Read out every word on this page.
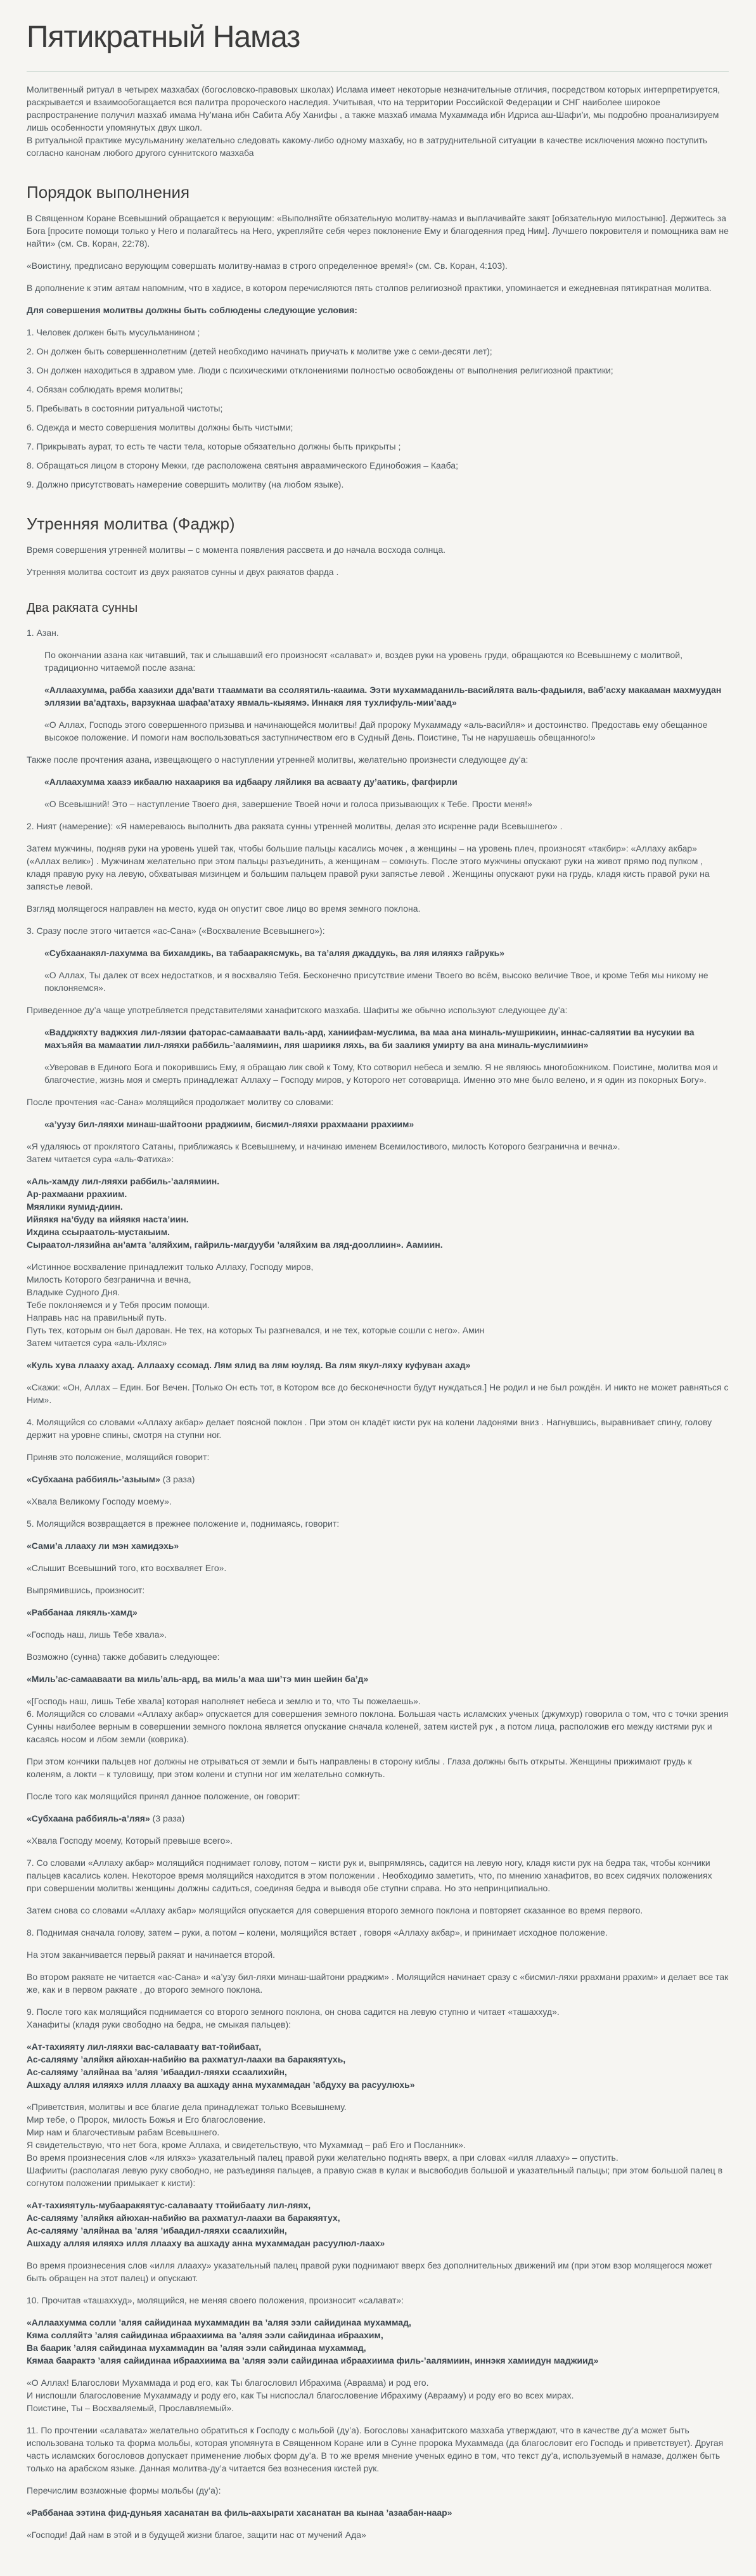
Пятикратный Намаз
Молитвенный ритуал в четырех мазхабах (богословско-правовых школах) Ислама имеет некоторые незначительные отличия, посредством которых интерпретируется, раскрывается и взаимообогащается вся палитра пророческого наследия. Учитывая, что на территории Российской Федерации и СНГ наиболее широкое распространение получил мазхаб имама Ну’мана ибн Сабита Абу Ханифы , а также мазхаб имама Мухаммада ибн Идриса аш-Шафи’и, мы подробно проанализируем лишь особенности упомянутых двух школ.
В ритуальной практике мусульманину желательно следовать какому-либо одному мазхабу, но в затруднительной ситуации в качестве исключения можно поступить согласно канонам любого другого суннитского мазхаба
Порядок выполнения
В Священном Коране Всевышний обращается к верующим: «Выполняйте обязательную молитву-намаз и выплачивайте закят [обязательную милостыню]. Держитесь за Бога [просите помощи только у Него и полагайтесь на Него, укрепляйте себя через поклонение Ему и благодеяния пред Ним]. Лучшего покровителя и помощника вам не найти» (см. Св. Коран, 22:78).
«Воистину, предписано верующим совершать молитву-намаз в строго определенное время!» (см. Св. Коран, 4:103).
В дополнение к этим аятам напомним, что в хадисе, в котором перечисляются пять столпов религиозной практики, упоминается и ежедневная пятикратная молитва.
Для совершения молитвы должны быть соблюдены следующие условия:
1. Человек должен быть мусульманином ;
2. Он должен быть совершеннолетним (детей необходимо начинать приучать к молитве уже с семи-десяти лет);
3. Он должен находиться в здравом уме. Люди с психическими отклонениями полностью освобождены от выполнения религиозной практики;
4. Обязан соблюдать время молитвы;
5. Пребывать в состоянии ритуальной чистоты;
6. Одежда и место совершения молитвы должны быть чистыми;
7. Прикрывать аурат, то есть те части тела, которые обязательно должны быть прикрыты ;
8. Обращаться лицом в сторону Мекки, где расположена святыня авраамического Единобожия – Кааба;
9. Должно присутствовать намерение совершить молитву (на любом языке).
Утренняя молитва (Фаджр)
Время совершения утренней молитвы – с момента появления рассвета и до начала восхода солнца.
Утренняя молитва состоит из двух ракяатов сунны и двух ракяатов фарда .
Два ракяата сунны
1. Азан.
По окончании азана как читавший, так и слышавший его произносят «салават» и, воздев руки на уровень груди, обращаются ко Всевышнему с молитвой, традиционно читаемой после азана:
«Аллаахумма, рабба хаазихи дда’вати ттааммати ва ссоляятиль-кааима. Ээти мухаммаданиль-васийлята валь-фадыиля, ваб’асху макааман махмуудан эллязии ва’адтахь, варзукнаа шафаа’атаху явмаль-кыяямэ. Иннакя ляя тухлифуль-мии’аад»
«О Аллах, Господь этого совершенного призыва и начинающейся молитвы! Дай пророку Мухаммаду «аль-васийля» и достоинство. Предоставь ему обещанное высокое положение. И помоги нам воспользоваться заступничеством его в Судный День. Поистине, Ты не нарушаешь обещанного!»
Также после прочтения азана, извещающего о наступлении утренней молитвы, желательно произнести следующее ду’а:
«Аллаахумма хаазэ икбаалю нахаарикя ва идбаару ляйликя ва асваату ду’аатикь, фагфирли
«О Всевышний! Это – наступление Твоего дня, завершение Твоей ночи и голоса призывающих к Тебе. Прости меня!»
2. Ният (намерение): «Я намереваюсь выполнить два ракяата сунны утренней молитвы, делая это искренне ради Всевышнего» .
Затем мужчины, подняв руки на уровень ушей так, чтобы большие пальцы касались мочек , а женщины – на уровень плеч, произносят «такбир»: «Аллаху акбар» («Аллах велик») . Мужчинам желательно при этом пальцы разъединить, а женщинам – сомкнуть. После этого мужчины опускают руки на живот прямо под пупком , кладя правую руку на левую, обхватывая мизинцем и большим пальцем правой руки запястье левой . Женщины опускают руки на грудь, кладя кисть правой руки на запястье левой.
Взгляд молящегося направлен на место, куда он опустит свое лицо во время земного поклона.
3. Сразу после этого читается «ас-Сана» («Восхваление Всевышнего»):
«Субхаанакял-лахумма ва бихамдикь, ва табааракясмукь, ва та’аляя джаддукь, ва ляя иляяхэ гайрукь»
«О Аллах, Ты далек от всех недостатков, и я восхваляю Тебя. Бесконечно присутствие имени Твоего во всём, высоко величие Твое, и кроме Тебя мы никому не поклоняемся».
Приведенное ду’а чаще употребляется представителями ханафитского мазхаба. Шафиты же обычно используют следующее ду’а:
«Вадджяхту ваджхия лил-лязии фаторас-самааваати валь-ард, ханиифам-муслима, ва маа ана миналь-мушрикиин, иннас-саляятии ва нусукии ва махъяйя ва мамаатии лил-ляяхи раббиль-’аалямиин, ляя шариикя ляхь, ва би зааликя умирту ва ана миналь-муслимиин»
«Уверовав в Единого Бога и покорившись Ему, я обращаю лик свой к Тому, Кто сотворил небеса и землю. Я не являюсь многобожником. Поистине, молитва моя и благочестие, жизнь моя и смерть принадлежат Аллаху – Господу миров, у Которого нет сотоварища. Именно это мне было велено, и я один из покорных Богу».
После прочтения «ас-Сана» молящийся продолжает молитву со словами:
«а’уузу бил-ляяхи минаш-шайтоони рраджиим, бисмил-ляяхи ррахмаани ррахиим»
«Я удаляюсь от проклятого Сатаны, приближаясь к Всевышнему, и начинаю именем Всемилостивого, милость Которого безгранична и вечна».
Затем читается сура «аль-Фатиха»:
«Аль-хамду лил-ляяхи раббиль-’аалямиин.
Ар-рахмаани ррахиим.
Мяялики яумид-диин.
Ийяякя на’буду ва ийяякя наста’иин.
Ихдина ссыраатоль-мустакыим.
Сыраатол-лязийна ан’амта ’аляйхим, гайриль-магдууби ’аляйхим ва ляд-дооллиин». Аамиин.
«Истинное восхваление принадлежит только Аллаху, Господу миров,
Милость Которого безгранична и вечна,
Владыке Судного Дня.
Тебе поклоняемся и у Тебя просим помощи.
Направь нас на правильный путь.
Путь тех, которым он был дарован. Не тех, на которых Ты разгневался, и не тех, которые сошли с него». Амин
Затем читается сура «аль-Ихляс»
«Куль хува ллааху ахад. Аллааху ссомад. Лям ялид ва лям юуляд. Ва лям якул-ляху куфуван ахад»
«Скажи: «Он, Аллах – Един. Бог Вечен. [Только Он есть тот, в Котором все до бесконечности будут нуждаться.] Не родил и не был рождён. И никто не может равняться с Ним».
4. Молящийся со словами «Аллаху акбар» делает поясной поклон . При этом он кладёт кисти рук на колени ладонями вниз . Нагнувшись, выравнивает спину, голову держит на уровне спины, смотря на ступни ног.
Приняв это положение, молящийся говорит:
«Субхаана раббияль-’азыым» (3 раза)
«Хвала Великому Господу моему».
5. Молящийся возвращается в прежнее положение и, поднимаясь, говорит:
«Сами’а ллааху ли мэн хамидэхь»
«Слышит Всевышний того, кто восхваляет Его».
Выпрямившись, произносит:
«Раббанаа лякяль-хамд»
«Господь наш, лишь Тебе хвала».
Возможно (сунна) также добавить следующее:
«Миль’ас-самааваати ва миль’аль-ард, ва миль’а маа ши’тэ мин шейин ба’д»
«[Господь наш, лишь Тебе хвала] которая наполняет небеса и землю и то, что Ты пожелаешь».
6. Молящийся со словами «Аллаху акбар» опускается для совершения земного поклона. Большая часть исламских ученых (джумхур) говорила о том, что с точки зрения Сунны наиболее верным в совершении земного поклона является опускание сначала коленей, затем кистей рук , а потом лица, расположив его между кистями рук и касаясь носом и лбом земли (коврика).
При этом кончики пальцев ног должны не отрываться от земли и быть направлены в сторону киблы . Глаза должны быть открыты. Женщины прижимают грудь к коленям, а локти – к туловищу, при этом колени и ступни ног им желательно сомкнуть.
После того как молящийся принял данное положение, он говорит:
«Субхаана раббияль-а’ляя» (3 раза)
«Хвала Господу моему, Который превыше всего».
7. Со словами «Аллаху акбар» молящийся поднимает голову, потом – кисти рук и, выпрямляясь, садится на левую ногу, кладя кисти рук на бедра так, чтобы кончики пальцев касались колен. Некоторое время молящийся находится в этом положении . Необходимо заметить, что, по мнению ханафитов, во всех сидячих положениях при совершении молитвы женщины должны садиться, соединяя бедра и выводя обе ступни справа. Но это непринципиально.
Затем снова со словами «Аллаху акбар» молящийся опускается для совершения второго земного поклона и повторяет сказанное во время первого.
8. Поднимая сначала голову, затем – руки, а потом – колени, молящийся встает , говоря «Аллаху акбар», и принимает исходное положение.
На этом заканчивается первый ракяат и начинается второй.
Во втором ракяате не читается «ас-Сана» и «а’узу бил-ляхи минаш-шайтони рраджим» . Молящийся начинает сразу с «бисмил-ляхи ррахмани ррахим» и делает все так же, как и в первом ракяате , до второго земного поклона.
9. После того как молящийся поднимается со второго земного поклона, он снова садится на левую ступню и читает «ташаххуд».
Ханафиты (кладя руки свободно на бедра, не смыкая пальцев):
«Ат-тахияяту лил-ляяхи вас-салаваату ват-тойибаат,
Ас-саляяму ’аляйкя айюхан-набийю ва рахматул-лаахи ва баракяятухь,
Ас-саляяму ’аляйнаа ва ’аляя ’ибаадил-ляяхи ссаалихийн,
Ашхаду алляя иляяхэ илля ллааху ва ашхаду анна мухаммадан ’абдуху ва расуулюхь»
«Приветствия, молитвы и все благие дела принадлежат только Всевышнему.
Мир тебе, о Пророк, милость Божья и Его благословение.
Мир нам и благочестивым рабам Всевышнего.
Я свидетельствую, что нет бога, кроме Аллаха, и свидетельствую, что Мухаммад – раб Его и Посланник».
Во время произнесения слов «ля иляхэ» указательный палец правой руки желательно поднять вверх, а при словах «илля ллааху» – опустить.
Шафииты (располагая левую руку свободно, не разъединяя пальцев, а правую сжав в кулак и высвободив большой и указательный пальцы; при этом большой палец в согнутом положении примыкает к кисти):
«Ат-тахияятуль-мубааракяятус-салаваату ттойибаату лил-ляях,
Ас-саляяму ’аляйкя айюхан-набийю ва рахматул-лаахи ва баракяятух,
Ас-саляяму ’аляйнаа ва ’аляя ’ибаадил-ляяхи ссаалихийн,
Ашхаду алляя иляяхэ илля ллааху ва ашхаду анна мухаммадан расуулюл-лаах»
Во время произнесения слов «илля ллааху» указательный палец правой руки поднимают вверх без дополнительных движений им (при этом взор молящегося может быть обращен на этот палец) и опускают.
10. Прочитав «ташаххуд», молящийся, не меняя своего положения, произносит «салават»:
«Аллаахумма солли ’аляя сайидинаа мухаммадин ва ’аляя ээли сайидинаа мухаммад,
Кяма солляйтэ ’аляя сайидинаа ибраахиима ва ’аляя ээли сайидинаа ибраахим,
Ва баарик ’аляя сайидинаа мухаммадин ва ’аляя ээли сайидинаа мухаммад,
Кямаа баарактэ ’аляя сайидинаа ибраахиима ва ’аляя ээли сайидинаа ибраахиима филь-’аалямиин, иннэкя хамиидун маджиид»
«О Аллах! Благослови Мухаммада и род его, как Ты благословил Ибрахима (Авраама) и род его.
И ниспошли благословение Мухаммаду и роду его, как Ты ниспослал благословение Ибрахиму (Аврааму) и роду его во всех мирах.
Поистине, Ты – Восхваляемый, Прославляемый».
11. По прочтении «салавата» желательно обратиться к Господу с мольбой (ду’а). Богословы ханафитского мазхаба утверждают, что в качестве ду’а может быть использована только та форма мольбы, которая упомянута в Священном Коране или в Сунне пророка Мухаммада (да благословит его Господь и приветствует). Другая часть исламских богословов допускает применение любых форм ду’а. В то же время мнение ученых едино в том, что текст ду’а, используемый в намазе, должен быть только на арабском языке. Данная молитва-ду’а читается без вознесения кистей рук.
Перечислим возможные формы мольбы (ду’а):
«Раббанаа ээтина фид-дуньяя хасанатан ва филь-аахырати хасанатан ва кынаа ’азаабан-наар»
«Господи! Дай нам в этой и в будущей жизни благое, защити нас от мучений Ада»
